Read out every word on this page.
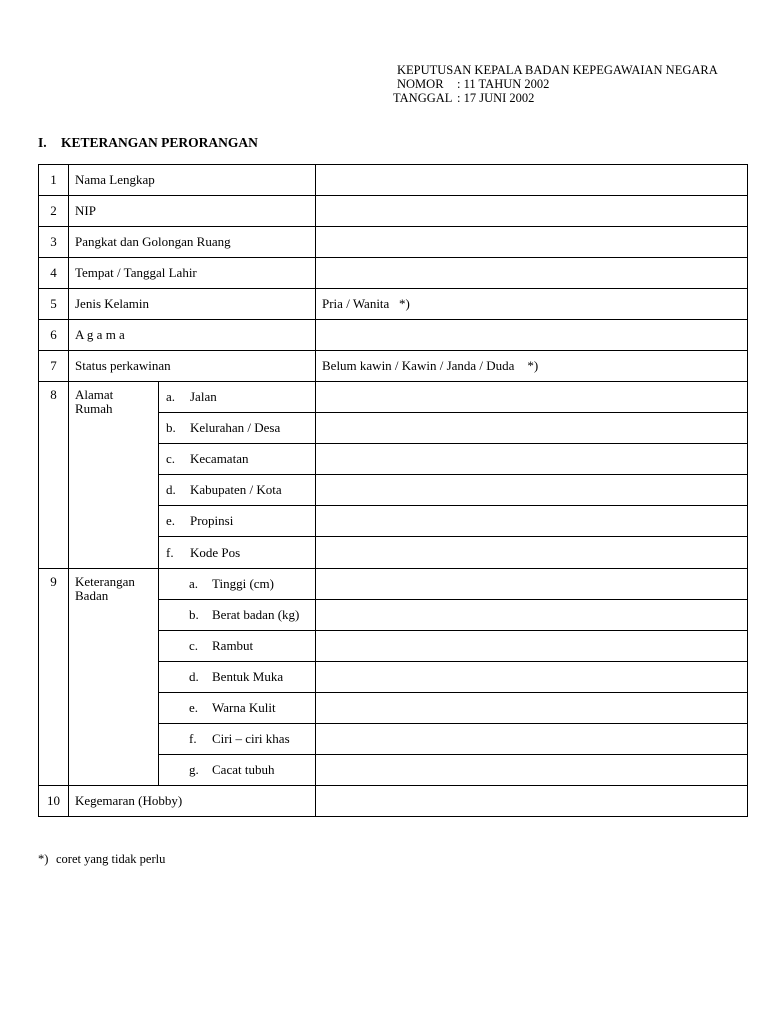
KEPUTUSAN KEPALA BADAN KEPEGAWAIAN NEGARA
NOMOR : 11 TAHUN 2002
TANGGAL : 17 JUNI 2002
I. KETERANGAN PERORANGAN
1	Nama Lengkap		
2	NIP		
3	Pangkat dan Golongan Ruang		
4	Tempat / Tanggal Lahir		
5	Jenis Kelamin		Pria / Wanita   *)
6	A g a m a		
7	Status perkawinan		Belum kawin / Kawin / Janda / Duda    *)
8	Alamat Rumah	a. Jalan	
		b. Kelurahan / Desa	
		c. Kecamatan	
		d. Kabupaten / Kota	
		e. Propinsi	
		f. Kode Pos	
9	Keterangan Badan	a. Tinggi (cm)	
		b. Berat badan (kg)	
		c. Rambut	
		d. Bentuk Muka	
		e. Warna Kulit	
		f. Ciri – ciri khas	
		g. Cacat tubuh	
10	Kegemaran (Hobby)		
*) coret yang tidak perlu
